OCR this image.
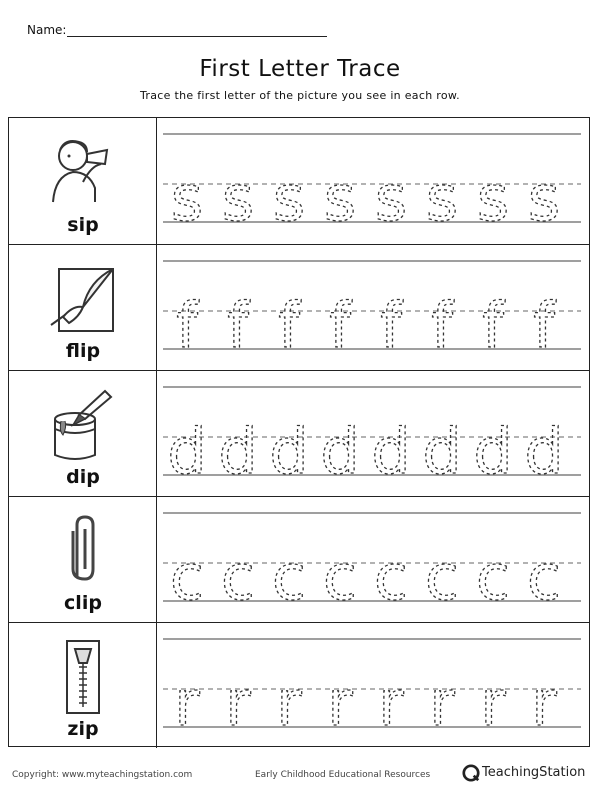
Name:
First Letter Trace
Trace the first letter of the picture you see in each row.
sip	s s s s s s s s
flip	f f f f f f f f
dip	d d d d d d d d
clip	c c c c c c c c
zip	r r r r r r r r
Copyright: www.myteachingstation.com	Early Childhood Educational Resources	TeachingStation
